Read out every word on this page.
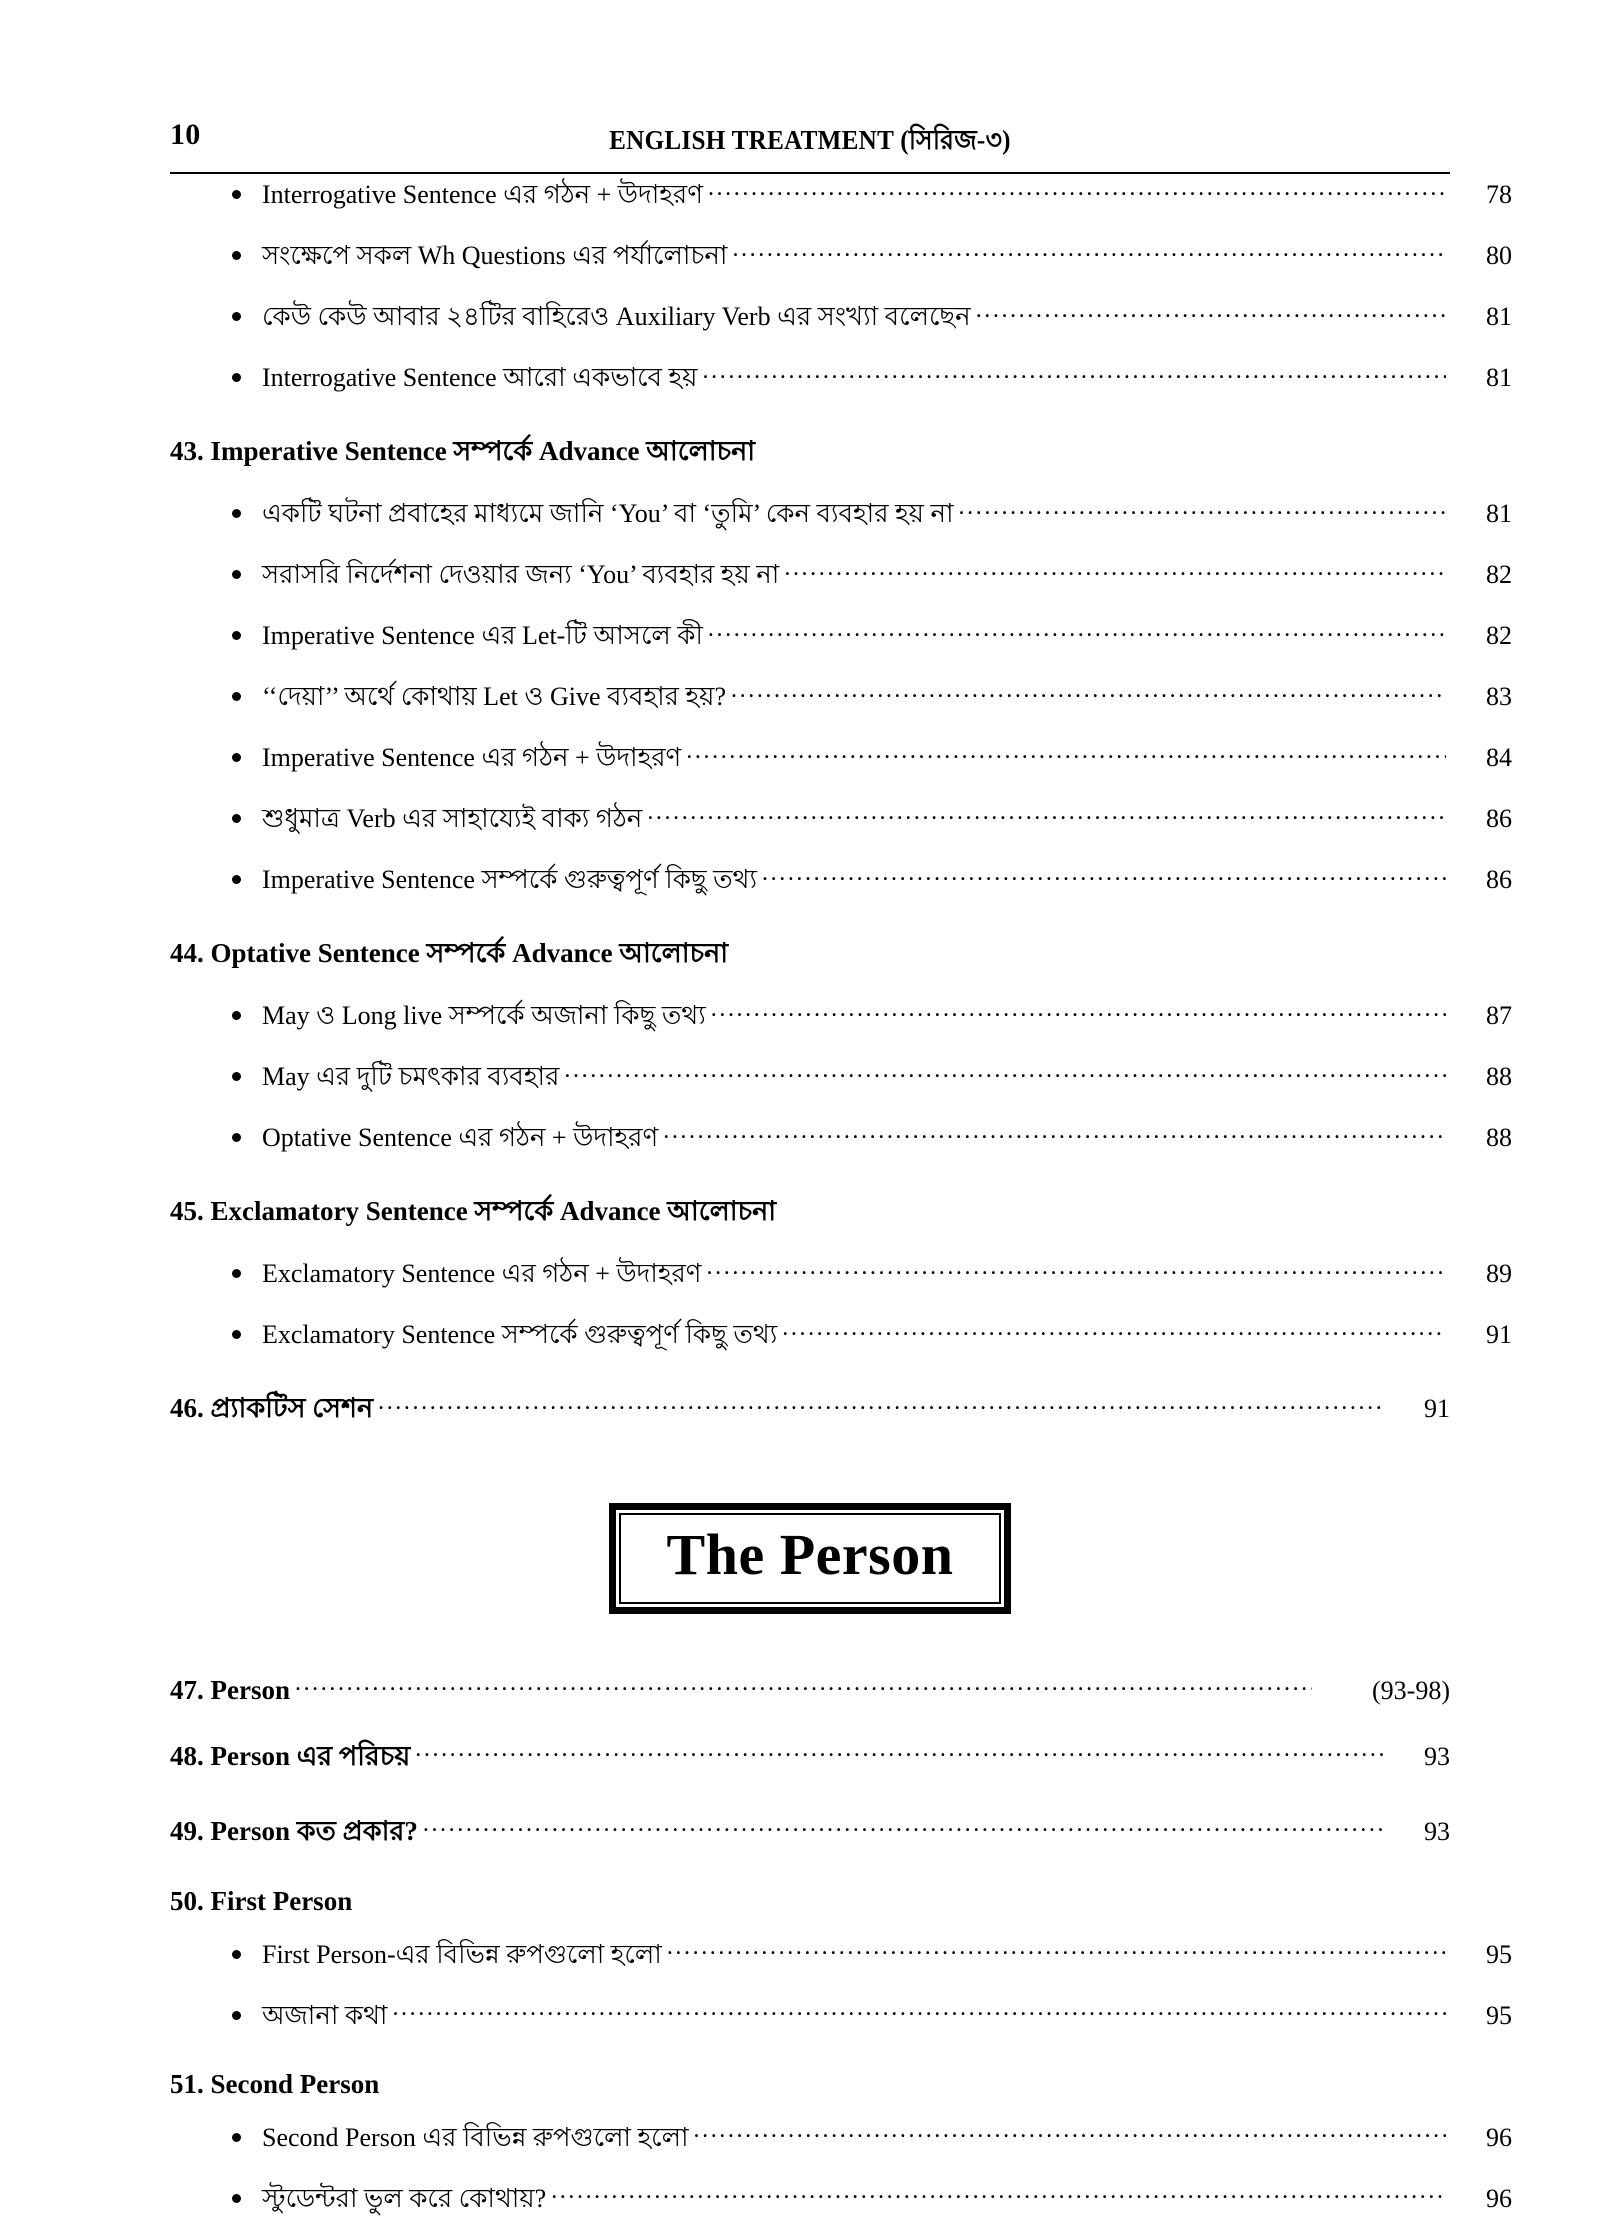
10	ENGLISH TREATMENT (সিরিজ-৩)
Interrogative Sentence এর গঠন + উদাহরণ .....	78
সংক্ষেপে সকল Wh Questions এর পর্যালোচনা .....	80
কেউ কেউ আবার ২৪টির বাহিরেও Auxiliary Verb এর সংখ্যা বলেছেন .....	81
Interrogative Sentence আরো একভাবে হয় .....	81
43. Imperative Sentence সম্পর্কে Advance আলোচনা
একটি ঘটনা প্রবাহের মাধ্যমে জানি ‘You’ বা ‘তুমি’ কেন ব্যবহার হয় না .....	81
সরাসরি নির্দেশনা দেওয়ার জন্য ‘You’ ব্যবহার হয় না .....	82
Imperative Sentence এর Let-টি আসলে কী .....	82
‘‘দেয়া’’ অর্থে কোথায় Let ও Give ব্যবহার হয়? .....	83
Imperative Sentence এর গঠন + উদাহরণ .....	84
শুধুমাত্র Verb এর সাহায্যেই বাক্য গঠন .....	86
Imperative Sentence সম্পর্কে গুরুত্বপূর্ণ কিছু তথ্য .....	86
44. Optative Sentence সম্পর্কে Advance আলোচনা
May ও Long live সম্পর্কে অজানা কিছু তথ্য .....	87
May এর দুটি চমৎকার ব্যবহার .....	88
Optative Sentence এর গঠন + উদাহরণ .....	88
45. Exclamatory Sentence সম্পর্কে Advance আলোচনা
Exclamatory Sentence এর গঠন + উদাহরণ .....	89
Exclamatory Sentence সম্পর্কে গুরুত্বপূর্ণ কিছু তথ্য .....	91
46. প্র্যাকটিস সেশন .....	91
The Person
47. Person .....	(93-98)
48. Person এর পরিচয় .....	93
49. Person কত প্রকার? .....	93
50. First Person
First Person-এর বিভিন্ন রুপগুলো হলো .....	95
অজানা কথা .....	95
51. Second Person
Second Person এর বিভিন্ন রুপগুলো হলো .....	96
স্টুডেন্টরা ভুল করে কোথায়? .....	96
